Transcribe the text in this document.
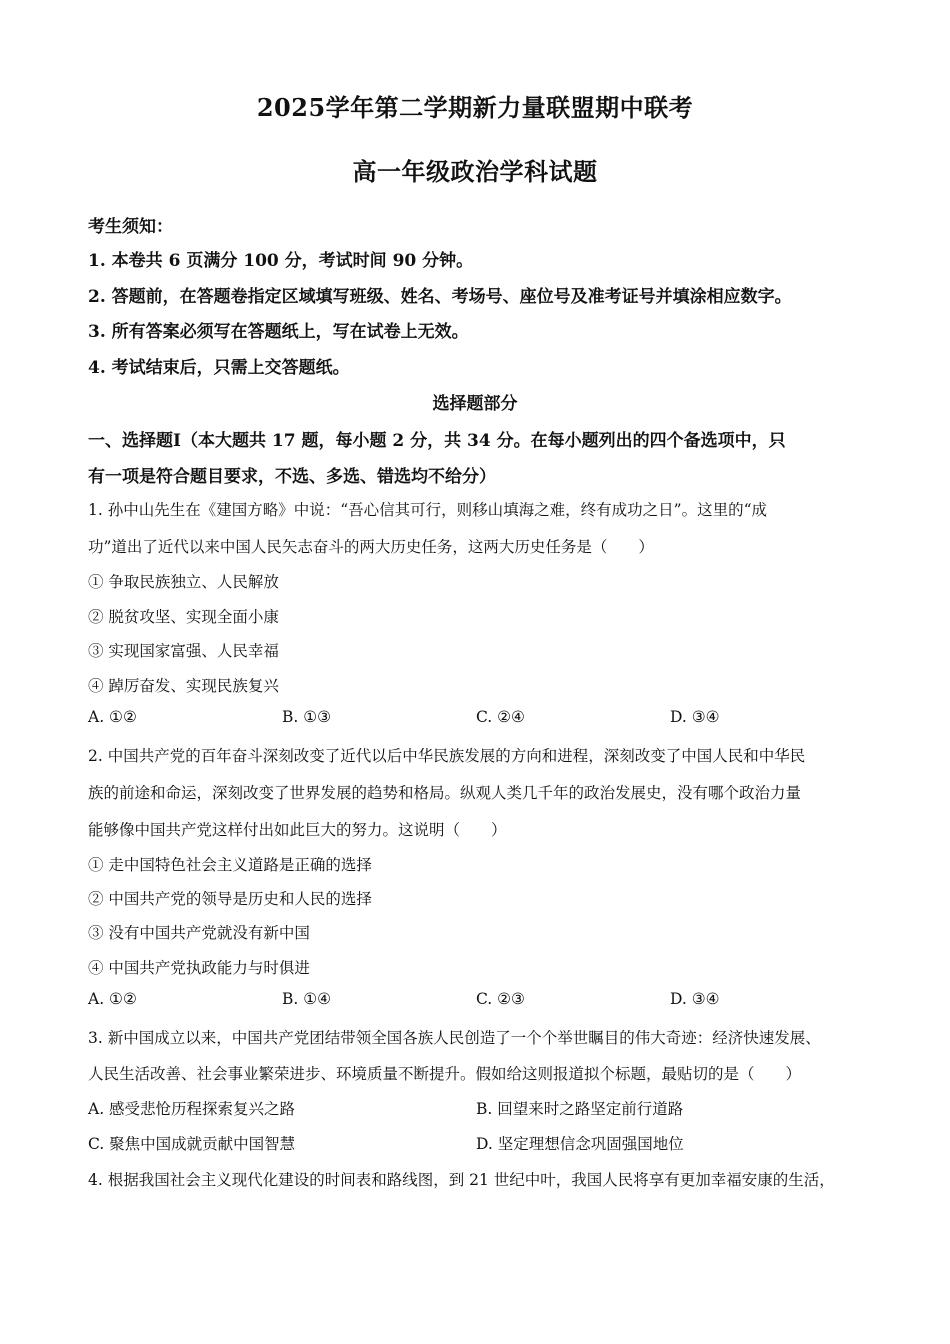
2025学年第二学期新力量联盟期中联考
高一年级政治学科试题
考生须知：
1. 本卷共 6 页满分 100 分，考试时间 90 分钟。
2. 答题前，在答题卷指定区域填写班级、姓名、考场号、座位号及准考证号并填涂相应数字。
3. 所有答案必须写在答题纸上，写在试卷上无效。
4. 考试结束后，只需上交答题纸。
选择题部分
一、选择题Ⅰ（本大题共 17 题，每小题 2 分，共 34 分。在每小题列出的四个备选项中，只
有一项是符合题目要求，不选、多选、错选均不给分）
1. 孙中山先生在《建国方略》中说：“吾心信其可行，则移山填海之难，终有成功之日”。这里的“成
功”道出了近代以来中国人民矢志奋斗的两大历史任务，这两大历史任务是（　　）
① 争取民族独立、人民解放
② 脱贫攻坚、实现全面小康
③ 实现国家富强、人民幸福
④ 踔厉奋发、实现民族复兴
A. ①②	B. ①③	C. ②④	D. ③④
2. 中国共产党的百年奋斗深刻改变了近代以后中华民族发展的方向和进程，深刻改变了中国人民和中华民
族的前途和命运，深刻改变了世界发展的趋势和格局。纵观人类几千年的政治发展史，没有哪个政治力量
能够像中国共产党这样付出如此巨大的努力。这说明（　　）
① 走中国特色社会主义道路是正确的选择
② 中国共产党的领导是历史和人民的选择
③ 没有中国共产党就没有新中国
④ 中国共产党执政能力与时俱进
A. ①②	B. ①④	C. ②③	D. ③④
3. 新中国成立以来，中国共产党团结带领全国各族人民创造了一个个举世瞩目的伟大奇迹：经济快速发展、
人民生活改善、社会事业繁荣进步、环境质量不断提升。假如给这则报道拟个标题，最贴切的是（　　）
A. 感受悲怆历程探索复兴之路	B. 回望来时之路坚定前行道路
C. 聚焦中国成就贡献中国智慧	D. 坚定理想信念巩固强国地位
4. 根据我国社会主义现代化建设的时间表和路线图，到 21 世纪中叶，我国人民将享有更加幸福安康的生活，
